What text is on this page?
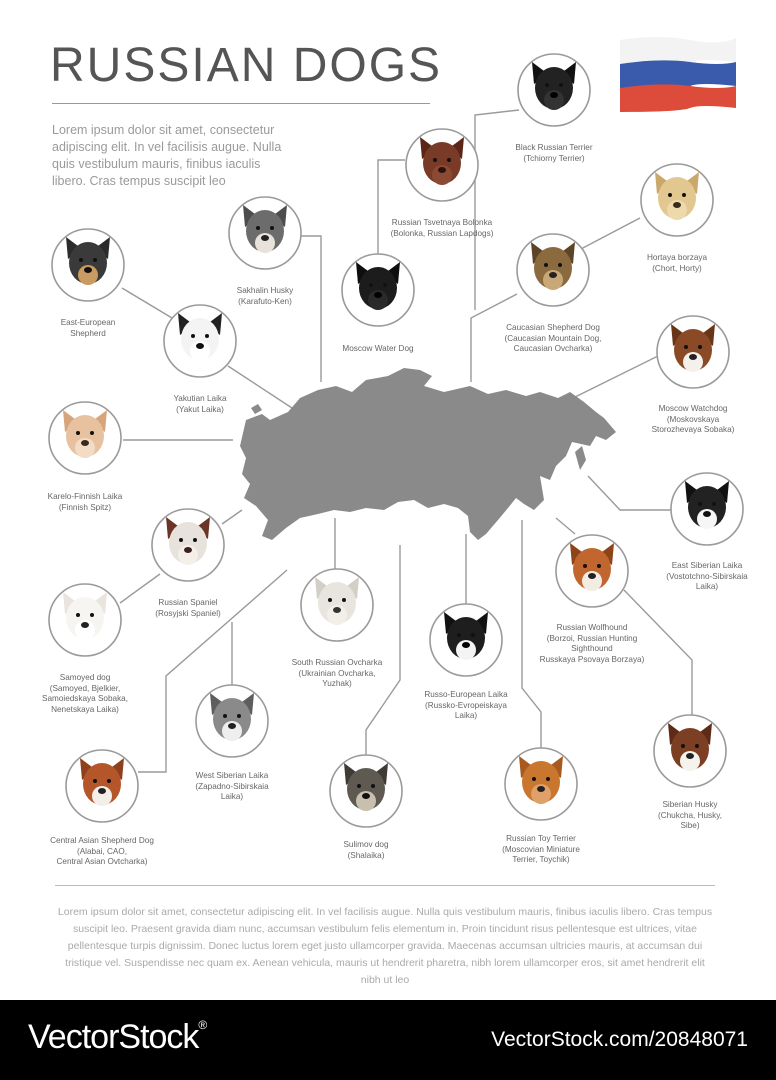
RUSSIAN DOGS
Lorem ipsum dolor sit amet, consectetur adipiscing elit. In vel facilisis augue. Nulla quis vestibulum mauris, finibus iaculis libero. Cras tempus suscipit leo
Black Russian Terrier
(Tchiorny Terrier)
Russian Tsvetnaya Bolonka
(Bolonka, Russian Lapdogs)
Hortaya borzaya
(Chort, Horty)
Sakhalin Husky
(Karafuto-Ken)
Moscow Water Dog
Caucasian Shepherd Dog
(Caucasian Mountain Dog,
Caucasian Ovcharka)
East-European
Shepherd
Yakutian Laika
(Yakut Laika)	Moscow Watchdog
(Moskovskaya
Storozhevaya Sobaka)
Karelo-Finnish Laika
(Finnish Spitz)
East Siberian Laika
(Vostotchno-Sibirskaia
Laika)
Russian Spaniel
(Rosyjski Spaniel)
Russian Wolfhound
(Borzoi, Russian Hunting
Sighthound
Russkaya Psovaya Borzaya)
Samoyed dog
(Samoyed, Bjelkier,
Samoiedskaya Sobaka,
Nenetskaya Laika)
South Russian Ovcharka
(Ukrainian Ovcharka,
Yuzhak)
Russo-European Laika
(Russko-Evropeiskaya
Laika)
West Siberian Laika
(Zapadno-Sibirskaia
Laika)
Siberian Husky
(Chukcha, Husky,
Sibe)
Central Asian Shepherd Dog
(Alabai, CAO,
Central Asian Ovtcharka)
Sulimov dog
(Shalaika)
Russian Toy Terrier
(Moscovian Miniature
Terrier, Toychik)
Lorem ipsum dolor sit amet, consectetur adipiscing elit. In vel facilisis augue. Nulla quis vestibulum mauris, finibus iaculis libero. Cras tempus suscipit leo. Praesent gravida diam nunc, accumsan vestibulum felis elementum in. Proin tincidunt risus pellentesque est ultrices, vitae pellentesque turpis dignissim. Donec luctus lorem eget justo ullamcorper gravida. Maecenas accumsan ultricies mauris, at accumsan dui tristique vel. Suspendisse nec quam ex. Aenean vehicula, mauris ut hendrerit pharetra, nibh lorem ullamcorper eros, sit amet hendrerit elit nibh ut leo
VectorStock®
VectorStock.com/20848071
